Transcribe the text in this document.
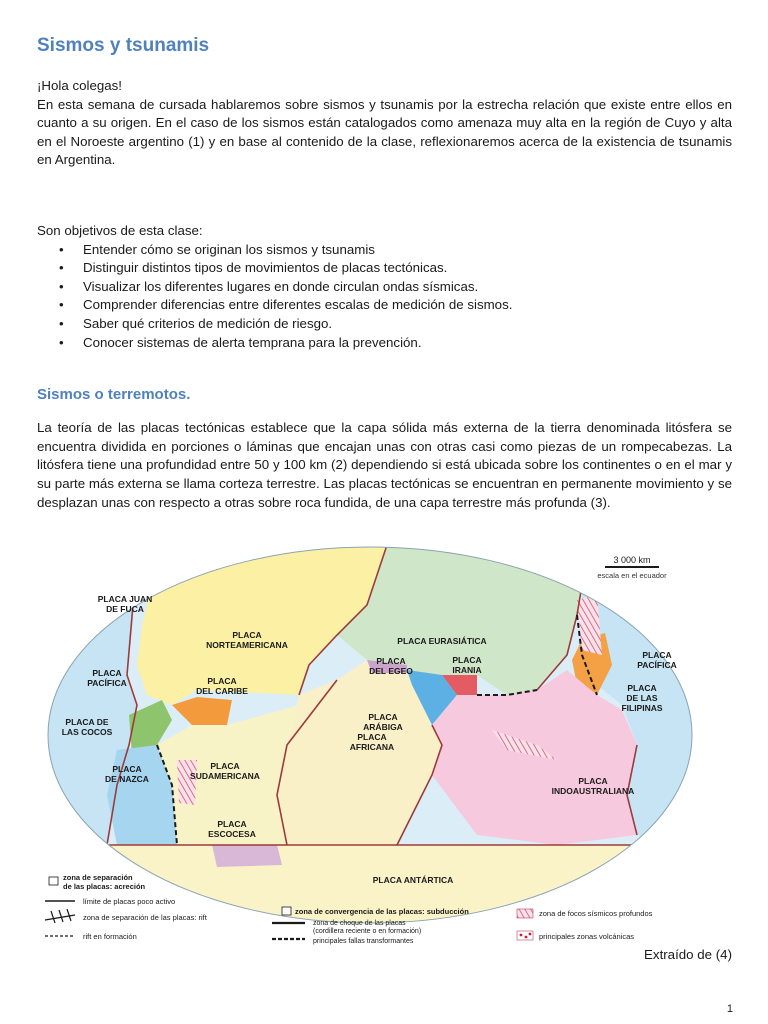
Sismos y tsunamis

¡Hola colegas!

En esta semana de cursada hablaremos sobre sismos y tsunamis por la estrecha relación que existe entre ellos en cuanto a su origen. En el caso de los sismos están catalogados como amenaza muy alta en la región de Cuyo y alta en el Noroeste argentino (1) y en base al contenido de la clase, reflexionaremos acerca de la existencia de tsunamis en Argentina.

Son objetivos de esta clase:

• Entender cómo se originan los sismos y tsunamis
• Distinguir distintos tipos de movimientos de placas tectónicas.
• Visualizar los diferentes lugares en donde circulan ondas sísmicas.
• Comprender diferencias entre diferentes escalas de medición de sismos.
• Saber qué criterios de medición de riesgo.
• Conocer sistemas de alerta temprana para la prevención.
Sismos o terremotos.

La teoría de las placas tectónicas establece que la capa sólida más externa de la tierra denominada litósfera se encuentra dividida en porciones o láminas que encajan unas con otras casi como piezas de un rompecabezas. La litósfera tiene una profundidad entre 50 y 100 km (2) dependiendo si está ubicada sobre los continentes o en el mar y su parte más externa se llama corteza terrestre. Las placas tectónicas se encuentran en permanente movimiento y se desplazan unas con respecto a otras sobre roca fundida, de una capa terrestre más profunda (3).

3 000 km
escala en el ecuador
PLACA JUAN
DE FUCA
PLACA
NORTEAMERICANA	PLACA EURASIÁTICA
PLACA
PACÍFICA	PLACA
DEL CARIBE
PLACA
DEL EGEO
PLACA
IRANIA
PLACA
PACÍFICA
PLACA
DE LAS
FILIPINAS
PLACA DE
LAS COCOS
PLACA
ARÁBIGA
PLACA
AFRICANA
PLACA
DE NAZCA
PLACA
SUDAMERICANA	PLACA
INDOAUSTRALIANA
PLACA
ESCOCESA
PLACA ANTÁRTICA
zona de separación
de las placas: acreción
límite de placas poco activo
zona de separación de las placas: rift
rift en formación
zona de convergencia de las placas: subducción
zona de choque de las placas
(cordillera reciente o en formación)
principales fallas transformantes
zona de focos sísmicos profundos
principales zonas volcánicas
Extraído de (4)
1
